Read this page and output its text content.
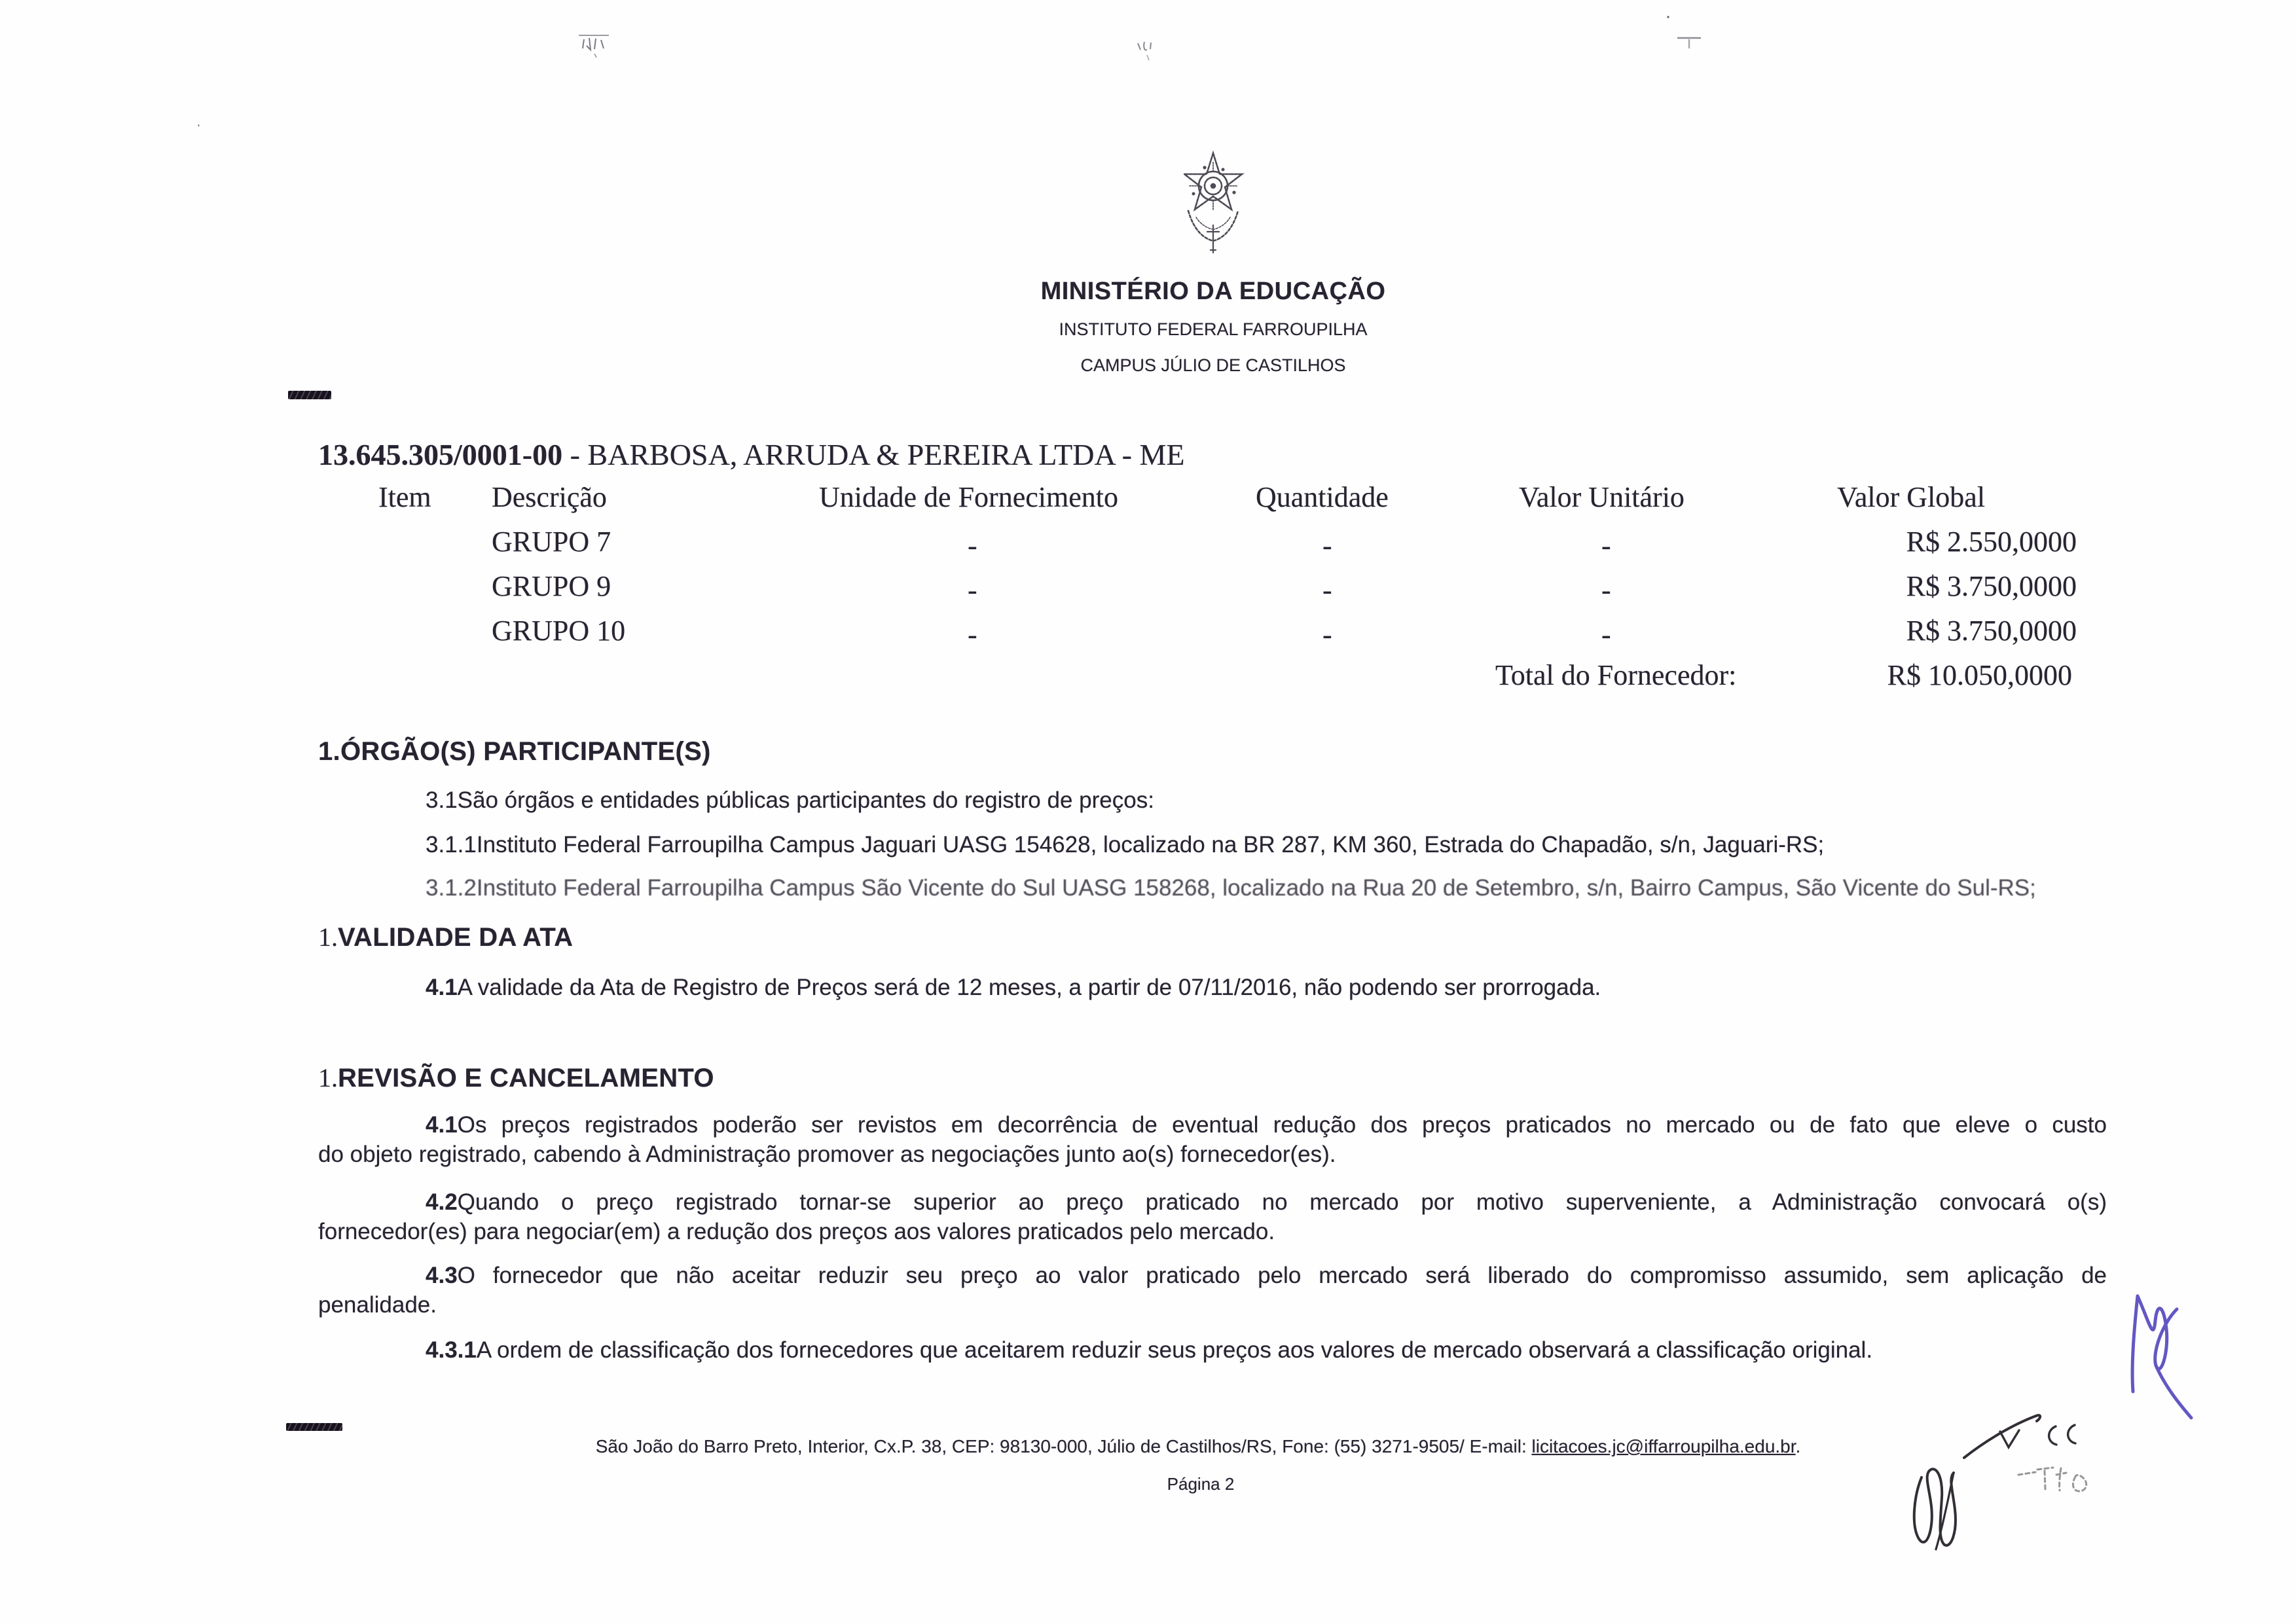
MINISTÉRIO DA EDUCAÇÃO
INSTITUTO FEDERAL FARROUPILHA
CAMPUS JÚLIO DE CASTILHOS
᾿
13.645.305/0001-00 - BARBOSA, ARRUDA & PEREIRA LTDA - ME
Item Descrição	Unidade de Fornecimento	Quantidade	Valor Unitário	Valor Global
GRUPO 7	-	-	-	R$ 2.550,0000
GRUPO 9	-	-	-	R$ 3.750,0000
GRUPO 10	-	-	-	R$ 3.750,0000
Total do Fornecedor:	R$ 10.050,0000
1.ÓRGÃO(S) PARTICIPANTE(S)
3.1São órgãos e entidades públicas participantes do registro de preços:
3.1.1Instituto Federal Farroupilha Campus Jaguari UASG 154628, localizado na BR 287, KM 360, Estrada do Chapadão, s/n, Jaguari-RS;
3.1.2Instituto Federal Farroupilha Campus São Vicente do Sul UASG 158268, localizado na Rua 20 de Setembro, s/n, Bairro Campus, São Vicente do Sul-RS;
1.VALIDADE DA ATA
4.1A validade da Ata de Registro de Preços será de 12 meses, a partir de 07/11/2016, não podendo ser prorrogada.
1.REVISÃO E CANCELAMENTO
4.1Os preços registrados poderão ser revistos em decorrência de eventual redução dos preços praticados no mercado ou de fato que eleve o custo
do objeto registrado, cabendo à Administração promover as negociações junto ao(s) fornecedor(es).
4.2Quando o preço registrado tornar-se superior ao preço praticado no mercado por motivo superveniente, a Administração convocará o(s)
fornecedor(es) para negociar(em) a redução dos preços aos valores praticados pelo mercado.
4.3O fornecedor que não aceitar reduzir seu preço ao valor praticado pelo mercado será liberado do compromisso assumido, sem aplicação de
penalidade.
4.3.1A ordem de classificação dos fornecedores que aceitarem reduzir seus preços aos valores de mercado observará a classificação original.
São João do Barro Preto, Interior, Cx.P. 38, CEP: 98130-000, Júlio de Castilhos/RS, Fone: (55) 3271-9505/ E-mail: licitacoes.jc@iffarroupilha.edu.br.
Página 2
